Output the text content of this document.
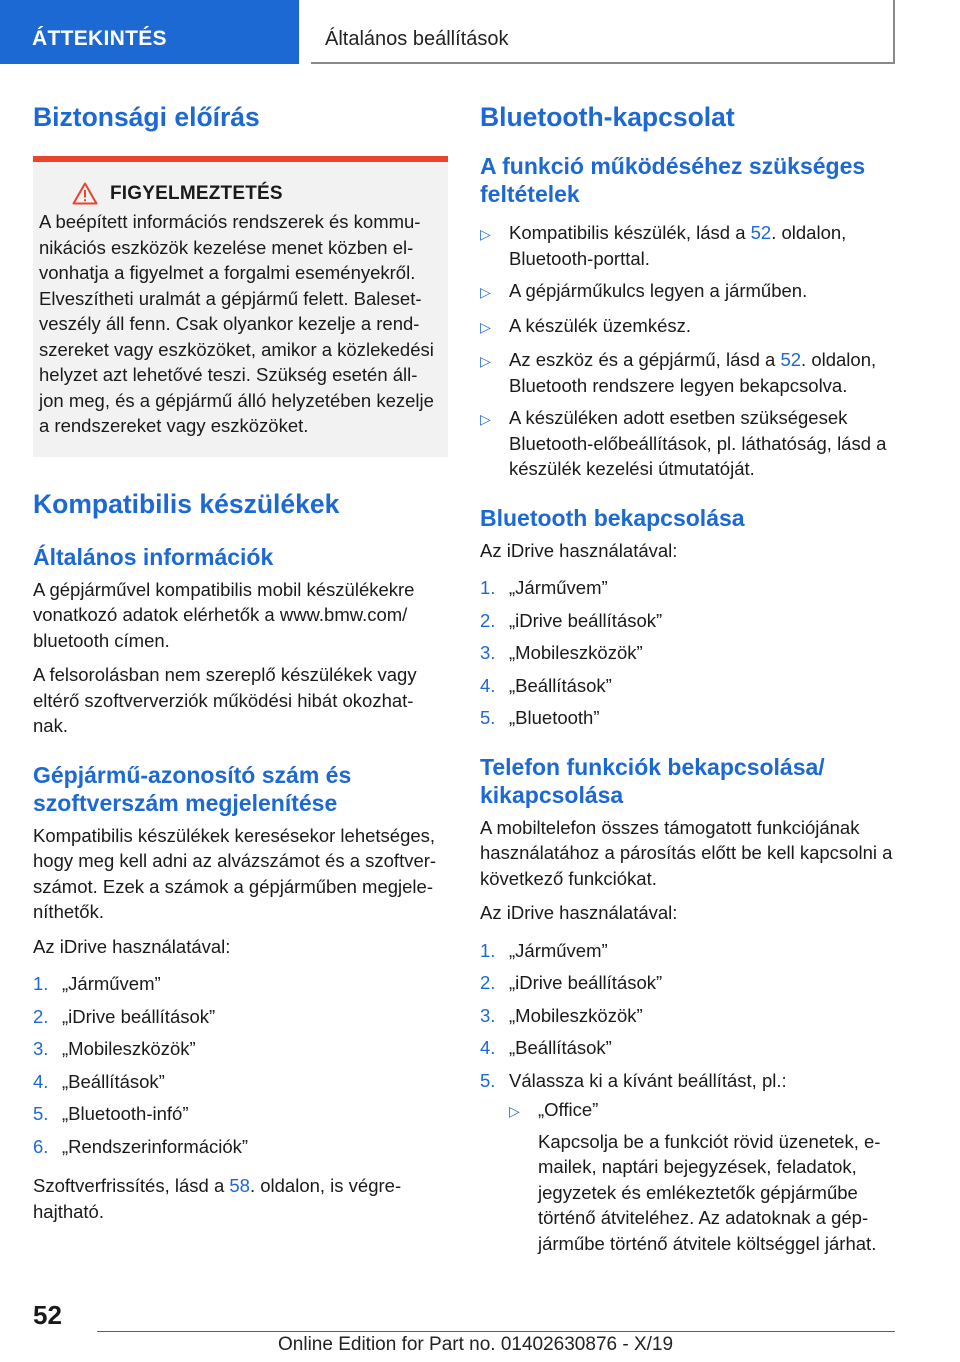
ÁTTEKINTÉS	Általános beállítások
Biztonsági előírás
FIGYELMEZTETÉS

A beépített információs rendszerek és kommu-nikációs eszközök kezelése menet közben el-vonhatja a figyelmet a forgalmi eseményekről. Elveszítheti uralmát a gépjármű felett. Baleset-veszély áll fenn. Csak olyankor kezelje a rend-szereket vagy eszközöket, amikor a közlekedési helyzet azt lehetővé teszi. Szükség esetén áll-jon meg, és a gépjármű álló helyzetében kezelje a rendszereket vagy eszközöket.

Kompatibilis készülékek
Általános információk

A gépjárművel kompatibilis mobil készülékekre vonatkozó adatok elérhetők a www.bmw.com/ bluetooth címen.

A felsorolásban nem szereplő készülékek vagy eltérő szoftververziók működési hibát okozhat-nak.

Gépjármű-azonosító szám és szoftverszám megjelenítése

Kompatibilis készülékek keresésekor lehetséges, hogy meg kell adni az alvázszámot és a szoftver-számot. Ezek a számok a gépjárműben megjele-níthetők.

Az iDrive használatával:

1. „Járművem”
2. „iDrive beállítások”
3. „Mobileszközök”
4. „Beállítások”
5. „Bluetooth-infó”
6. „Rendszerinformációk”

Szoftverfrissítés, lásd a 58. oldalon, is végre-hajtható.

Bluetooth-kapcsolat
A funkció működéséhez szükséges feltételek
▷ Kompatibilis készülék, lásd a 52. oldalon, Bluetooth-porttal.
▷ A gépjárműkulcs legyen a járműben.
▷ A készülék üzemkész.
▷ Az eszköz és a gépjármű, lásd a 52. oldalon, Bluetooth rendszere legyen bekapcsolva.
▷ A készüléken adott esetben szükségesek Bluetooth-előbeállítások, pl. láthatóság, lásd a készülék kezelési útmutatóját.
Bluetooth bekapcsolása

Az iDrive használatával:

1. „Járművem”
2. „iDrive beállítások”
3. „Mobileszközök”
4. „Beállítások”
5. „Bluetooth”
Telefon funkciók bekapcsolása/ kikapcsolása

A mobiltelefon összes támogatott funkciójának használatához a párosítás előtt be kell kapcsolni a következő funkciókat.

Az iDrive használatával:

1. „Járművem”
2. „iDrive beállítások”
3. „Mobileszközök”
4. „Beállítások”
5. Válassza ki a kívánt beállítást, pl.:
▷ „Office”
Kapcsolja be a funkciót rövid üzenetek, e-mailek, naptári bejegyzések, feladatok, jegyzetek és emlékeztetők gépjárműbe történő átviteléhez. Az adatoknak a gép-járműbe történő átvitele költséggel járhat.
52
Online Edition for Part no. 01402630876 - X/19
